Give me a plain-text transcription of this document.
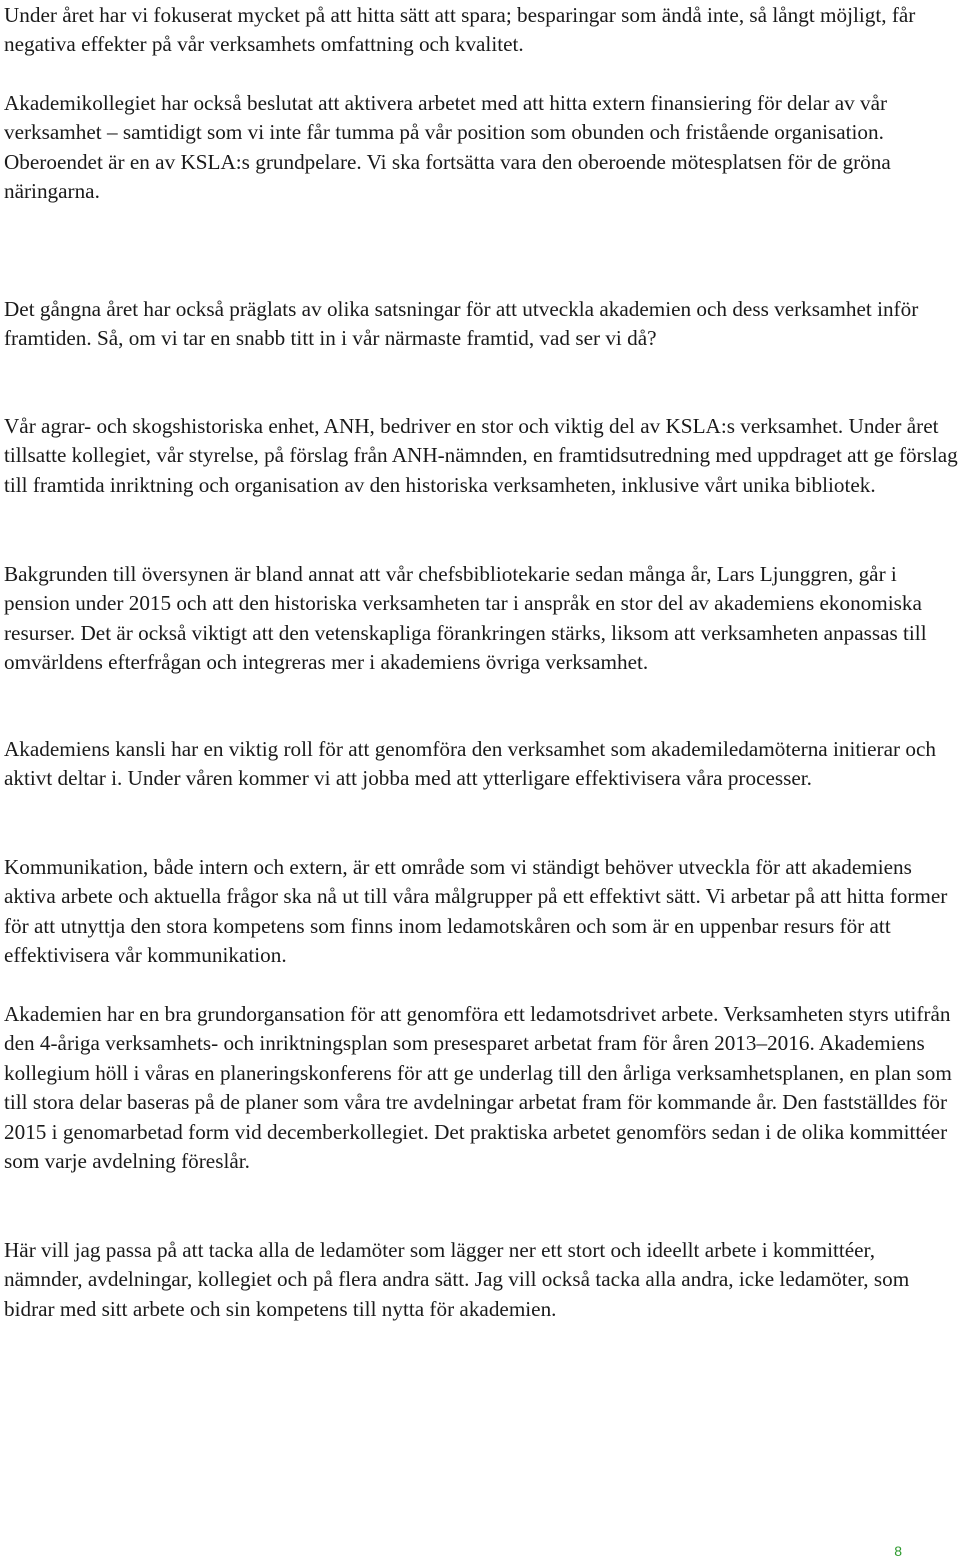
Under året har vi fokuserat mycket på att hitta sätt att spara; besparingar som ändå inte, så långt möjligt, får negativa effekter på vår verksamhets omfattning och kvalitet.

Akademikollegiet har också beslutat att aktivera arbetet med att hitta extern finansiering för delar av vår verksamhet – samtidigt som vi inte får tumma på vår position som obunden och fristående organisation. Oberoendet är en av KSLA:s grundpelare. Vi ska fortsätta vara den oberoende mötesplatsen för de gröna näringarna.

Det gångna året har också präglats av olika satsningar för att utveckla akademien och dess verksamhet inför framtiden. Så, om vi tar en snabb titt in i vår närmaste framtid, vad ser vi då?

Vår agrar- och skogshistoriska enhet, ANH, bedriver en stor och viktig del av KSLA:s verksamhet. Under året tillsatte kollegiet, vår styrelse, på förslag från ANH-nämnden, en framtidsutredning med uppdraget att ge förslag till framtida inriktning och organisation av den historiska verksamheten, inklusive vårt unika bibliotek.

Bakgrunden till översynen är bland annat att vår chefsbibliotekarie sedan många år, Lars Ljunggren, går i pension under 2015 och att den historiska verksamheten tar i anspråk en stor del av akademiens ekonomiska resurser. Det är också viktigt att den vetenskapliga förankringen stärks, liksom att verksamheten anpassas till omvärldens efterfrågan och integreras mer i akademiens övriga verksamhet.

Akademiens kansli har en viktig roll för att genomföra den verksamhet som akademiledamöterna initierar och aktivt deltar i. Under våren kommer vi att jobba med att ytterligare effektivisera våra processer.

Kommunikation, både intern och extern, är ett område som vi ständigt behöver utveckla för att akademiens aktiva arbete och aktuella frågor ska nå ut till våra målgrupper på ett effektivt sätt. Vi arbetar på att hitta former för att utnyttja den stora kompetens som finns inom ledamotskåren och som är en uppenbar resurs för att effektivisera vår kommunikation.

Akademien har en bra grundorgansation för att genomföra ett ledamotsdrivet arbete. Verksamheten styrs utifrån den 4-åriga verksamhets- och inriktningsplan som presesparet arbetat fram för åren 2013–2016. Akademiens kollegium höll i våras en planeringskonferens för att ge underlag till den årliga verksamhetsplanen, en plan som till stora delar baseras på de planer som våra tre avdelningar arbetat fram för kommande år. Den fastställdes för 2015 i genomarbetad form vid decemberkollegiet. Det praktiska arbetet genomförs sedan i de olika kommittéer som varje avdelning föreslår.

Här vill jag passa på att tacka alla de ledamöter som lägger ner ett stort och ideellt arbete i kommittéer, nämnder, avdelningar, kollegiet och på flera andra sätt. Jag vill också tacka alla andra, icke ledamöter, som bidrar med sitt arbete och sin kompetens till nytta för akademien.

8
